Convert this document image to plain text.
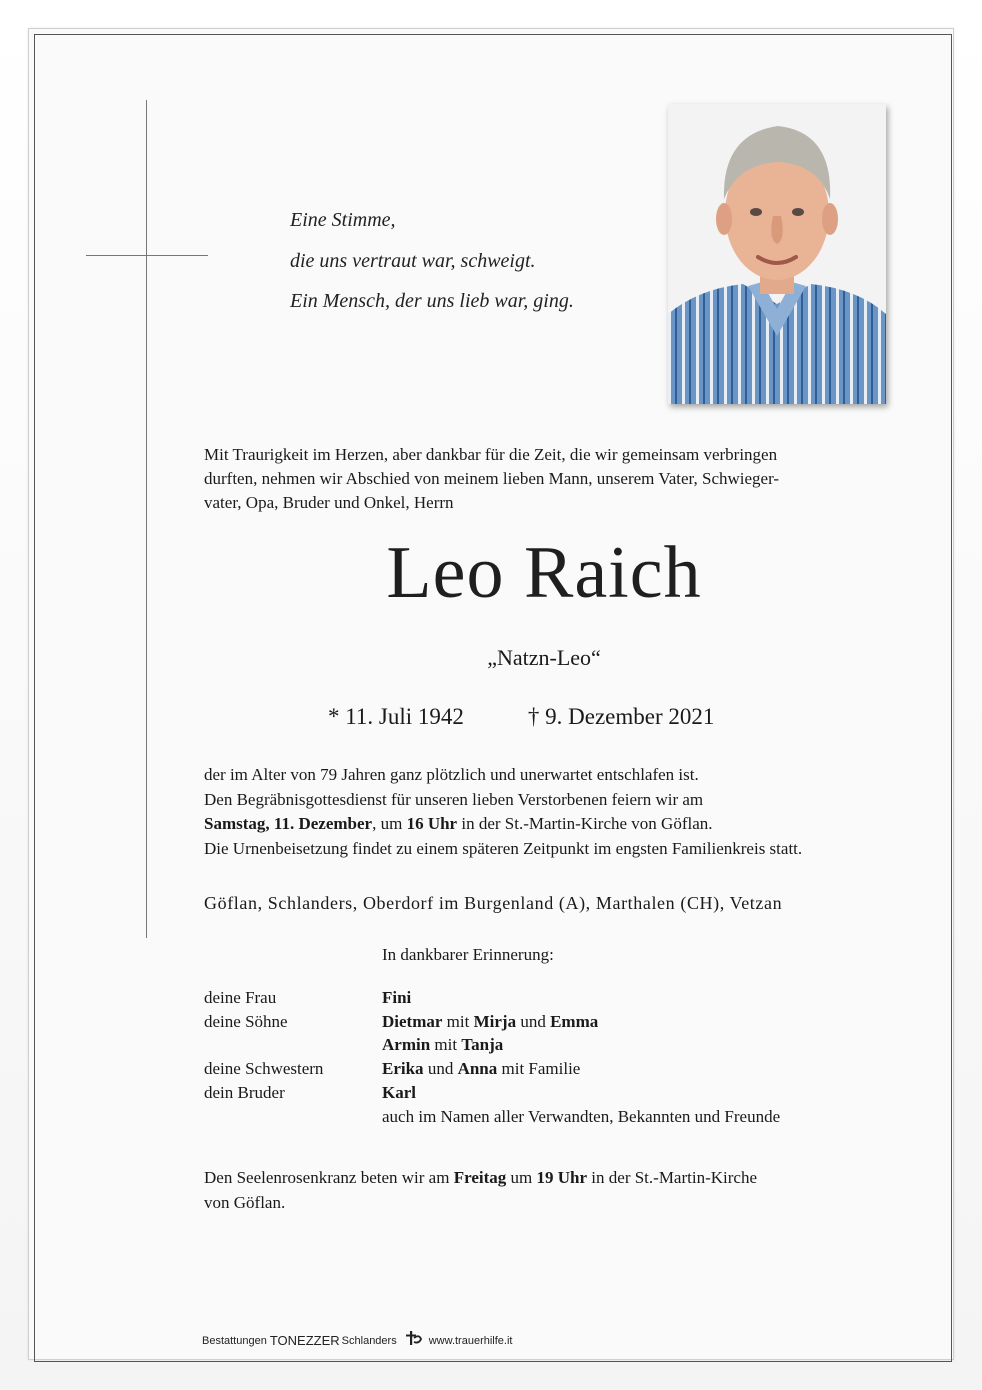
Eine Stimme,
die uns vertraut war, schweigt.
Ein Mensch, der uns lieb war, ging.
Mit Traurigkeit im Herzen, aber dankbar für die Zeit, die wir gemeinsam verbringen
durften, nehmen wir Abschied von meinem lieben Mann, unserem Vater, Schwieger-
vater, Opa, Bruder und Onkel, Herrn
Leo Raich
„Natzn-Leo“
* 11. Juli 1942	† 9. Dezember 2021
der im Alter von 79 Jahren ganz plötzlich und unerwartet entschlafen ist.
Den Begräbnisgottesdienst für unseren lieben Verstorbenen feiern wir am
Samstag, 11. Dezember, um 16 Uhr in der St.-Martin-Kirche von Göflan.
Die Urnenbeisetzung findet zu einem späteren Zeitpunkt im engsten Familienkreis statt.
Göflan, Schlanders, Oberdorf im Burgenland (A), Marthalen (CH), Vetzan
In dankbarer Erinnerung:
deine Frau	Fini
deine Söhne	Dietmar mit Mirja und Emma
Armin mit Tanja
deine Schwestern	Erika und Anna mit Familie
dein Bruder	Karl
auch im Namen aller Verwandten, Bekannten und Freunde
Den Seelenrosenkranz beten wir am Freitag um 19 Uhr in der St.-Martin-Kirche
von Göflan.
Bestattungen TONEZZER Schlanders	www.trauerhilfe.it
